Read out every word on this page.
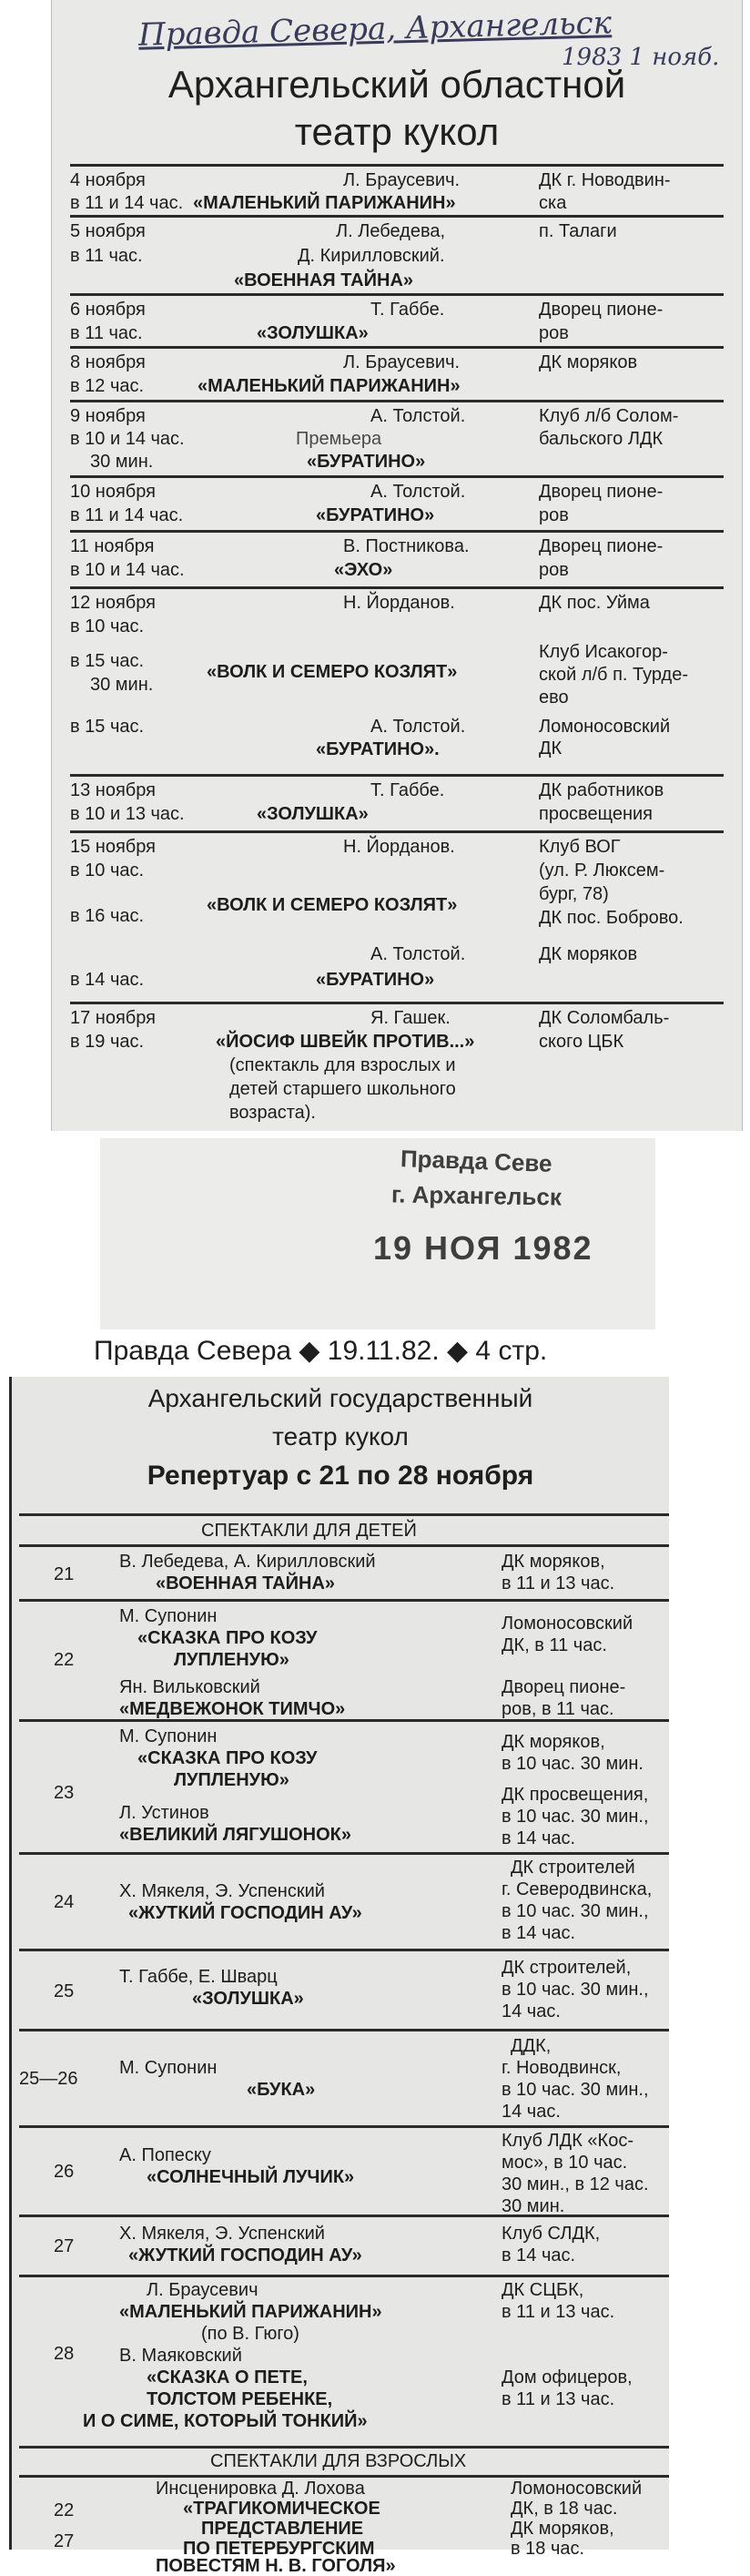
Правда Севера, Архангельск
1983 1 нояб.
Архангельский областной
театр кукол
4 ноября
в 11 и 14 час.
Л. Браусевич.
«МАЛЕНЬКИЙ ПАРИЖАНИН»
ДК г. Новодвин-
ска
5 ноября
в 11 час.
Л. Лебедева,
Д. Кирилловский.
«ВОЕННАЯ ТАЙНА»
п. Талаги
6 ноября
в 11 час.
Т. Габбе.
«ЗОЛУШКА»
Дворец пионе-
ров
8 ноября
в 12 час.
Л. Браусевич.
«МАЛЕНЬКИЙ ПАРИЖАНИН»
ДК моряков
9 ноября
в 10 и 14 час.
30 мин.
А. Толстой.
Премьера
«БУРАТИНО»
Клуб л/б Солом-
бальского ЛДК
10 ноября
в 11 и 14 час.
А. Толстой.
«БУРАТИНО»
Дворец пионе-
ров
11 ноября
в 10 и 14 час.
В. Постникова.
«ЭХО»
Дворец пионе-
ров
12 ноября
в 10 час.
в 15 час.
30 мин.
в 15 час.
Н. Йорданов.
«ВОЛК И СЕМЕРО КОЗЛЯТ»
А. Толстой.
«БУРАТИНО».
ДК пос. Уйма
Клуб Исакогор-
ской л/б п. Турде-
ево
Ломоносовский
ДК
13 ноября
в 10 и 13 час.
Т. Габбе.
«ЗОЛУШКА»
ДК работников
просвещения
15 ноября
в 10 час.
в 16 час.
в 14 час.
Н. Йорданов.
«ВОЛК И СЕМЕРО КОЗЛЯТ»
А. Толстой.
«БУРАТИНО»
Клуб ВОГ
(ул. Р. Люксем-
бург, 78)
ДК пос. Боброво.
ДК моряков
17 ноября
в 19 час.
Я. Гашек.
«ЙОСИФ ШВЕЙК ПРОТИВ...»
(спектакль для взрослых и
детей старшего школьного
возраста).
ДК Соломбаль-
ского ЦБК
Правда Севе
г. Архангельск
19 НОЯ 1982
Правда Севера ◆ 19.11.82. ◆ 4 стр.
Архангельский государственный
театр кукол
Репертуар с 21 по 28 ноября
СПЕКТАКЛИ ДЛЯ ДЕТЕЙ
21
В. Лебедева, А. Кирилловский
«ВОЕННАЯ ТАЙНА»
ДК моряков,
в 11 и 13 час.
22
М. Супонин
«СКАЗКА ПРО КОЗУ
ЛУПЛЕНУЮ»
Ян. Вильковский
«МЕДВЕЖОНОК ТИМЧО»
Ломоносовский
ДК, в 11 час.
Дворец пионе-
ров, в 11 час.
23
М. Супонин
«СКАЗКА ПРО КОЗУ
ЛУПЛЕНУЮ»
Л. Устинов
«ВЕЛИКИЙ ЛЯГУШОНОК»
ДК моряков,
в 10 час. 30 мин.
ДК просвещения,
в 10 час. 30 мин.,
в 14 час.
24
Х. Мякеля, Э. Успенский
«ЖУТКИЙ ГОСПОДИН АУ»
ДК строителей
г. Северодвинска,
в 10 час. 30 мин.,
в 14 час.
25
Т. Габбе, Е. Шварц
«ЗОЛУШКА»
ДК строителей,
в 10 час. 30 мин.,
14 час.
25—26
М. Супонин
«БУКА»
ДДК,
г. Новодвинск,
в 10 час. 30 мин.,
14 час.
26
А. Попеску
«СОЛНЕЧНЫЙ ЛУЧИК»
Клуб ЛДК «Кос-
мос», в 10 час.
30 мин., в 12 час.
30 мин.
27
Х. Мякеля, Э. Успенский
«ЖУТКИЙ ГОСПОДИН АУ»
Клуб СЛДК,
в 14 час.
28
Л. Браусевич
«МАЛЕНЬКИЙ ПАРИЖАНИН»
(по В. Гюго)
В. Маяковский
«СКАЗКА О ПЕТЕ,
ТОЛСТОМ РЕБЕНКЕ,
И О СИМЕ, КОТОРЫЙ ТОНКИЙ»
ДК СЦБК,
в 11 и 13 час.
Дом офицеров,
в 11 и 13 час.
СПЕКТАКЛИ ДЛЯ ВЗРОСЛЫХ
22
27
Инсценировка Д. Лохова
«ТРАГИКОМИЧЕСКОЕ
ПРЕДСТАВЛЕНИЕ
ПО ПЕТЕРБУРГСКИМ
ПОВЕСТЯМ Н. В. ГОГОЛЯ»
Ломоносовский
ДК, в 18 час.
ДК моряков,
в 18 час.
